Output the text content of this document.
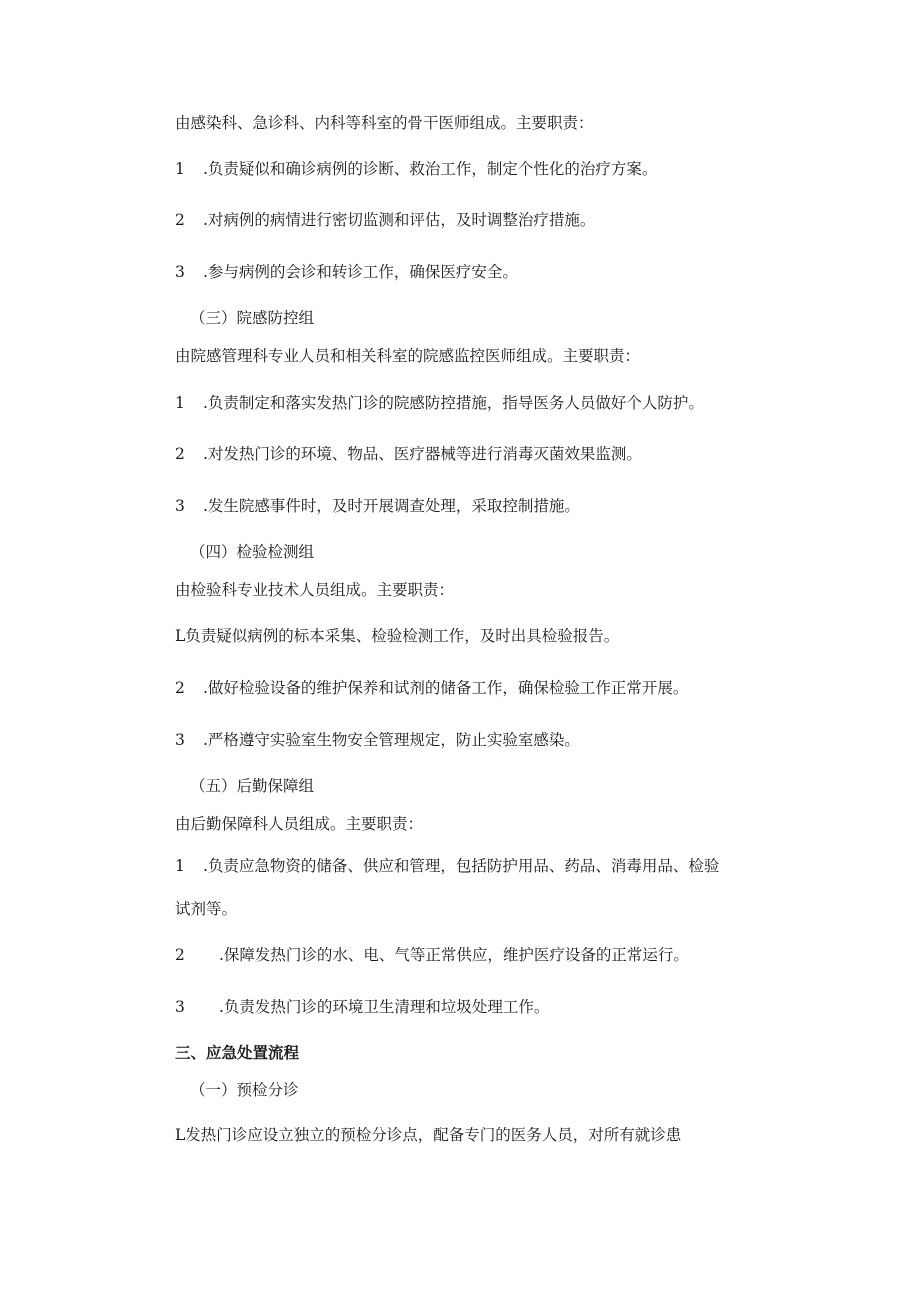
由感染科、急诊科、内科等科室的骨干医师组成。主要职责：
1 .负责疑似和确诊病例的诊断、救治工作，制定个性化的治疗方案。
2 .对病例的病情进行密切监测和评估，及时调整治疗措施。
3 .参与病例的会诊和转诊工作，确保医疗安全。
（三）院感防控组
由院感管理科专业人员和相关科室的院感监控医师组成。主要职责：
1 .负责制定和落实发热门诊的院感防控措施，指导医务人员做好个人防护。
2 .对发热门诊的环境、物品、医疗器械等进行消毒灭菌效果监测。
3 .发生院感事件时，及时开展调查处理，采取控制措施。
（四）检验检测组
由检验科专业技术人员组成。主要职责：
L负责疑似病例的标本采集、检验检测工作，及时出具检验报告。
2 .做好检验设备的维护保养和试剂的储备工作，确保检验工作正常开展。
3 .严格遵守实验室生物安全管理规定，防止实验室感染。
（五）后勤保障组
由后勤保障科人员组成。主要职责：
1 .负责应急物资的储备、供应和管理，包括防护用品、药品、消毒用品、检验
试剂等。
2 .保障发热门诊的水、电、气等正常供应，维护医疗设备的正常运行。
3 .负责发热门诊的环境卫生清理和垃圾处理工作。
三、应急处置流程
（一）预检分诊
L发热门诊应设立独立的预检分诊点，配备专门的医务人员，对所有就诊患
